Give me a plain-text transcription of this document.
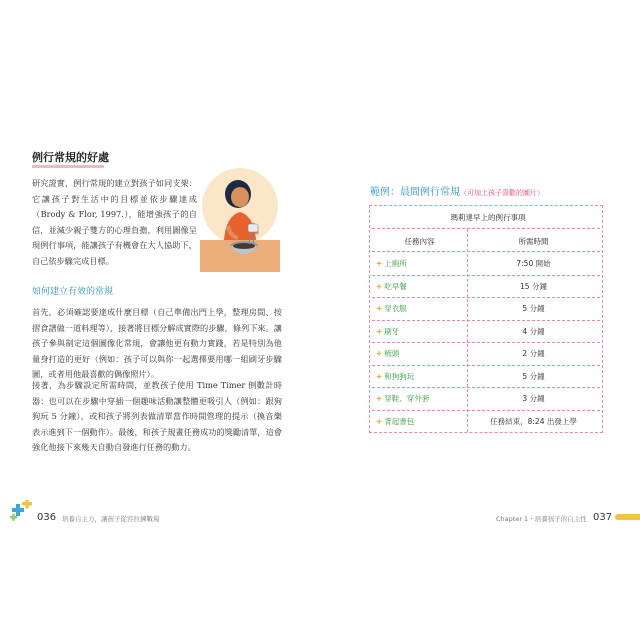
例行常規的好處
研究證實，例行常規的建立對孩子如同支架：它讓孩子對生活中的目標並依步驟達成（Brody & Flor, 1997.），能增強孩子的自信，並減少親子雙方的心理負擔，利用圖像呈現例行事項，能讓孩子有機會在大人協助下，自己依步驟完成目標。
如何建立有效的常規
首先，必須確認要達成什麼目標（自己準備出門上學，整理房間、按摺食譜做一道料理等），接著將目標分解成實際的步驟，條列下來。讓孩子參與制定這個圖像化常規，會讓他更有動力實踐，若是特別為他量身打造的更好（例如：孩子可以與你一起選擇要用哪一組刷牙步驟圖，或者用他最喜歡的偶像照片）。
接著，為步驟設定所需時間，並教孩子使用 Time Timer 倒數計時器：也可以在步驟中穿插一個趣味活動讓整體更吸引人（例如：跟狗狗玩 5 分鐘），或和孩子將列表做清單當作時間管理的提示（換音樂表示進到下一個動作）。最後，和孩子規畫任務成功的獎勵清單，這會強化他接下來幾天自動自發進行任務的動力。
範例：晨間例行常規（可加上孩子喜歡的圖片）
瑪莉達早上的例行事項
任務內容	所需時間
+ 上廁所	7:50 開始
+ 吃早餐	15 分鐘
+ 穿衣服	5 分鐘
+ 刷牙	4 分鐘
+ 梳頭	2 分鐘
+ 和狗狗玩	5 分鐘
+ 穿鞋、穿外套	3 分鐘
+ 背起書包	任務結束，8:24 出發上學
036 培養自主力，讓孩子從容拉鍊戰場	Chapter 1・培養孩子的自主性 037
